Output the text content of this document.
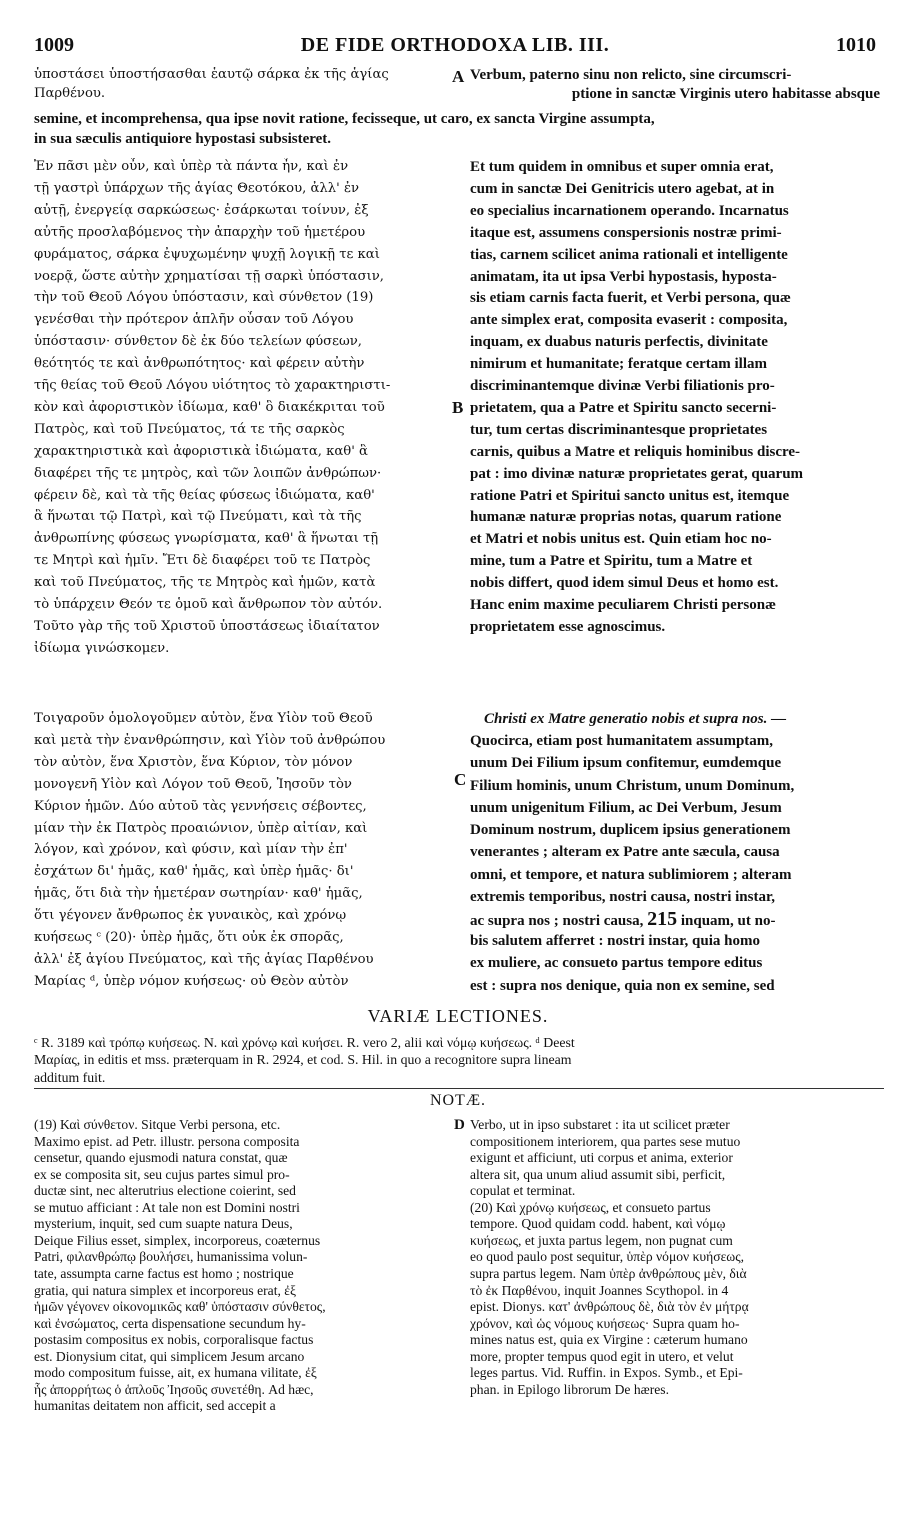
1009	DE FIDE ORTHODOXA LIB. III.	1010
ὑποστάσει ὑποστήσασθαι ἑαυτῷ σάρκα ἐκ τῆς ἁγίας
Παρθένου.
A Verbum, paterno sinu non relicto, sine circumscri-
ptione in sanctæ Virginis utero habitasse absque
semine, et incomprehensa, qua ipse novit ratione, fecisseque, ut caro, ex sancta Virgine assumpta,
in sua sæculis antiquiore hypostasi subsisteret.
Ἐν πᾶσι μὲν οὖν, καὶ ὑπὲρ τὰ πάντα ἦν, καὶ ἐν
τῇ γαστρὶ ὑπάρχων τῆς ἁγίας Θεοτόκου, ἀλλ' ἐν
αὐτῇ, ἐνεργείᾳ σαρκώσεως· ἐσάρκωται τοίνυν, ἐξ
αὐτῆς προσλαβόμενος τὴν ἀπαρχὴν τοῦ ἡμετέρου
φυράματος, σάρκα ἐψυχωμένην ψυχῇ λογικῇ τε καὶ
νοερᾷ, ὥστε αὐτὴν χρηματίσαι τῇ σαρκὶ ὑπόστασιν,
τὴν τοῦ Θεοῦ Λόγου ὑπόστασιν, καὶ σύνθετον (19)
γενέσθαι τὴν πρότερον ἁπλῆν οὖσαν τοῦ Λόγου
ὑπόστασιν· σύνθετον δὲ ἐκ δύο τελείων φύσεων,
θεότητός τε καὶ ἀνθρωπότητος· καὶ φέρειν αὐτὴν
τῆς θείας τοῦ Θεοῦ Λόγου υἱότητος τὸ χαρακτηριστι-
κὸν καὶ ἀφοριστικὸν ἰδίωμα, καθ' ὃ διακέκριται τοῦ
Πατρὸς, καὶ τοῦ Πνεύματος, τά τε τῆς σαρκὸς
χαρακτηριστικὰ καὶ ἀφοριστικὰ ἰδιώματα, καθ' ἃ
διαφέρει τῆς τε μητρὸς, καὶ τῶν λοιπῶν ἀνθρώπων·
φέρειν δὲ, καὶ τὰ τῆς θείας φύσεως ἰδιώματα, καθ'
ἃ ἥνωται τῷ Πατρὶ, καὶ τῷ Πνεύματι, καὶ τὰ τῆς
ἀνθρωπίνης φύσεως γνωρίσματα, καθ' ἃ ἥνωται τῇ
τε Μητρὶ καὶ ἡμῖν. Ἔτι δὲ διαφέρει τοῦ τε Πατρὸς
καὶ τοῦ Πνεύματος, τῆς τε Μητρὸς καὶ ἡμῶν, κατὰ
τὸ ὑπάρχειν Θεόν τε ὁμοῦ καὶ ἄνθρωπον τὸν αὐτόν.
Τοῦτο γὰρ τῆς τοῦ Χριστοῦ ὑποστάσεως ἰδιαίτατον
ἰδίωμα γινώσκομεν.
Et tum quidem in omnibus et super omnia erat,
cum in sanctæ Dei Genitricis utero agebat, at in
eo specialius incarnationem operando. Incarnatus
itaque est, assumens conspersionis nostræ primi-
tias, carnem scilicet anima rationali et intelligente
animatam, ita ut ipsa Verbi hypostasis, hyposta-
sis etiam carnis facta fuerit, et Verbi persona, quæ
ante simplex erat, composita evaserit : composita,
inquam, ex duabus naturis perfectis, divinitate
nimirum et humanitate; feratque certam illam
discriminantemque divinæ Verbi filiationis pro-
prietatem, qua a Patre et Spiritu sancto secerni-
tur, tum certas discriminantesque proprietates
carnis, quibus a Matre et reliquis hominibus discre-
pat : imo divinæ naturæ proprietates gerat, quarum
ratione Patri et Spiritui sancto unitus est, itemque
humanæ naturæ proprias notas, quarum ratione
et Matri et nobis unitus est. Quin etiam hoc no-
mine, tum a Patre et Spiritu, tum a Matre et
nobis differt, quod idem simul Deus et homo est.
Hanc enim maxime peculiarem Christi personæ
proprietatem esse agnoscimus.
B
Τοιγαροῦν ὁμολογοῦμεν αὐτὸν, ἕνα Υἱὸν τοῦ Θεοῦ
καὶ μετὰ τὴν ἐνανθρώπησιν, καὶ Υἱὸν τοῦ ἀνθρώπου
τὸν αὐτὸν, ἕνα Χριστὸν, ἕνα Κύριον, τὸν μόνον
μονογενῆ Υἱὸν καὶ Λόγον τοῦ Θεοῦ, Ἰησοῦν τὸν
Κύριον ἡμῶν. Δύο αὐτοῦ τὰς γεννήσεις σέβοντες,
μίαν τὴν ἐκ Πατρὸς προαιώνιον, ὑπὲρ αἰτίαν, καὶ
λόγον, καὶ χρόνον, καὶ φύσιν, καὶ μίαν τὴν ἐπ'
ἐσχάτων δι' ἡμᾶς, καθ' ἡμᾶς, καὶ ὑπὲρ ἡμᾶς· δι'
ἡμᾶς, ὅτι διὰ τὴν ἡμετέραν σωτηρίαν· καθ' ἡμᾶς,
ὅτι γέγονεν ἄνθρωπος ἐκ γυναικὸς, καὶ χρόνῳ
κυήσεως ᶜ (20)· ὑπὲρ ἡμᾶς, ὅτι οὐκ ἐκ σπορᾶς,
ἀλλ' ἐξ ἁγίου Πνεύματος, καὶ τῆς ἁγίας Παρθένου
Μαρίας ᵈ, ὑπὲρ νόμον κυήσεως· οὐ Θεὸν αὐτὸν
C
Christi ex Matre generatio nobis et supra nos. —
Quocirca, etiam post humanitatem assumptam,
unum Dei Filium ipsum confitemur, eumdemque
Filium hominis, unum Christum, unum Dominum,
unum unigenitum Filium, ac Dei Verbum, Jesum
Dominum nostrum, duplicem ipsius generationem
venerantes ; alteram ex Patre ante sæcula, causa
omni, et tempore, et natura sublimiorem ; alteram
extremis temporibus, nostri causa, nostri instar,
ac supra nos ; nostri causa, 215 inquam, ut no-
bis salutem afferret : nostri instar, quia homo
ex muliere, ac consueto partus tempore editus
est : supra nos denique, quia non ex semine, sed
VARIÆ LECTIONES.
ᶜ R. 3189 καὶ τρόπῳ κυήσεως. N. καὶ χρόνῳ καὶ κυήσει. R. vero 2, alii καὶ νόμῳ κυήσεως. ᵈ Deest
Μαρίας, in editis et mss. præterquam in R. 2924, et cod. S. Hil. in quo a recognitore supra lineam
additum fuit.
NOTÆ.
D
(19) Καὶ σύνθετον. Sitque Verbi persona, etc.
Maximo epist. ad Petr. illustr. persona composita
censetur, quando ejusmodi natura constat, quæ
ex se composita sit, seu cujus partes simul pro-
ductæ sint, nec alterutrius electione coierint, sed
se mutuo afficiant : At tale non est Domini nostri
mysterium, inquit, sed cum suapte natura Deus,
Deique Filius esset, simplex, incorporeus, coæternus
Patri, φιλανθρώπῳ βουλήσει, humanissima volun-
tate, assumpta carne factus est homo ; nostrique
gratia, qui natura simplex et incorporeus erat, ἐξ
ἡμῶν γέγονεν οἰκονομικῶς καθ' ὑπόστασιν σύνθετος,
καὶ ἐνσώματος, certa dispensatione secundum hy-
postasim compositus ex nobis, corporalisque factus
est. Dionysium citat, qui simplicem Jesum arcano
modo compositum fuisse, ait, ex humana vilitate, ἐξ
ἧς ἀπορρήτως ὁ ἁπλοῦς Ἰησοῦς συνετέθη. Ad hæc,
humanitas deitatem non afficit, sed accepit a
Verbo, ut in ipso substaret : ita ut scilicet præter
compositionem interiorem, qua partes sese mutuo
exigunt et afficiunt, uti corpus et anima, exterior
altera sit, qua unum aliud assumit sibi, perficit,
copulat et terminat.
(20) Καὶ χρόνῳ κυήσεως, et consueto partus
tempore. Quod quidam codd. habent, καὶ νόμῳ
κυήσεως, et juxta partus legem, non pugnat cum
eo quod paulo post sequitur, ὑπὲρ νόμον κυήσεως,
supra partus legem. Nam ὑπὲρ ἀνθρώπους μὲν, διὰ
τὸ ἐκ Παρθένου, inquit Joannes Scythopol. in 4
epist. Dionys. κατ' ἀνθρώπους δὲ, διὰ τὸν ἐν μήτρᾳ
χρόνον, καὶ ὡς νόμους κυήσεως· Supra quam ho-
mines natus est, quia ex Virgine : cæterum humano
more, propter tempus quod egit in utero, et velut
leges partus. Vid. Ruffin. in Expos. Symb., et Epi-
phan. in Epilogo librorum De hæres.
